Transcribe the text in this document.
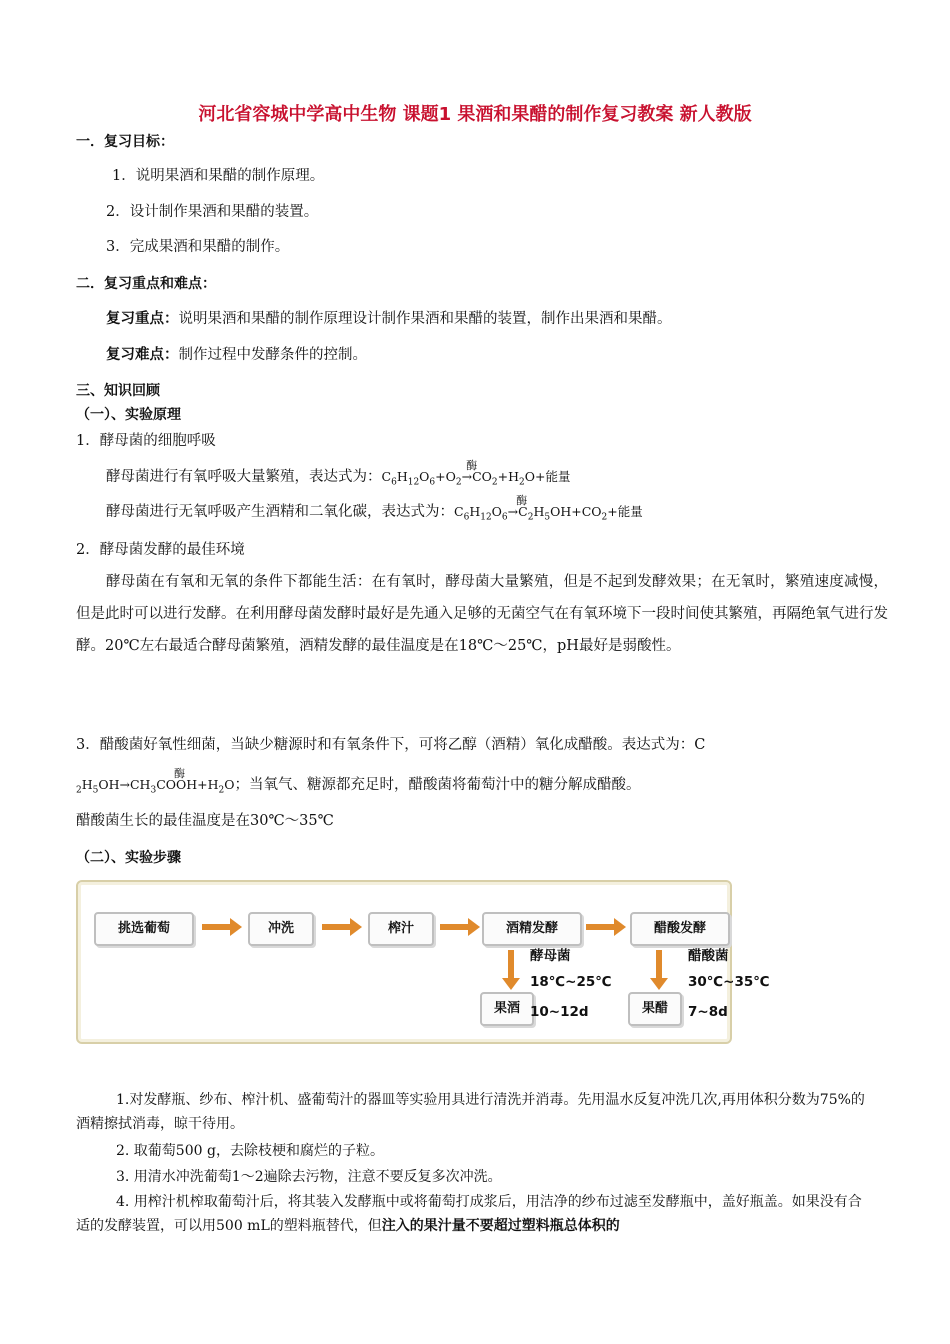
河北省容城中学高中生物 课题1 果酒和果醋的制作复习教案 新人教版
一．复习目标：
1．说明果酒和果醋的制作原理。
2．设计制作果酒和果醋的装置。
3．完成果酒和果醋的制作。
二．复习重点和难点：
复习重点：说明果酒和果醋的制作原理设计制作果酒和果醋的装置，制作出果酒和果醋。
复习难点：制作过程中发酵条件的控制。
三、知识回顾
（一）、实验原理
1．酵母菌的细胞呼吸
酵母菌进行有氧呼吸大量繁殖，表达式为：$C_6H_{12}O_6+O_2\to CO$
酶
$_2+H_2O+$能量
酵母菌进行无氧呼吸产生酒精和二氧化碳，表达式为：$C_6H_{12}O_6\to C$
酶
$_2H_5OH+CO_2+$能量
2．酵母菌发酵的最佳环境
酵母菌在有氧和无氧的条件下都能生活：在有氧时，酵母菌大量繁殖，但是不起到发酵效果；在无氧时，繁殖速度减慢，但是此时可以进行发酵。在利用酵母菌发酵时最好是先通入足够的无菌空气在有氧环境下一段时间使其繁殖，再隔绝氧气进行发酵。20℃左右最适合酵母菌繁殖，酒精发酵的最佳温度是在18℃～25℃，pH最好是弱酸性。
3．醋酸菌好氧性细菌，当缺少糖源时和有氧条件下，可将乙醇（酒精）氧化成醋酸。表达式为：C
$_2H_5OH\to CH_3COOH$
酶
$+H_2O$；当氧气、糖源都充足时，醋酸菌将葡萄汁中的糖分解成醋酸。
醋酸菌生长的最佳温度是在30℃～35℃
（二）、实验步骤
挑选葡萄	冲洗	榨汁	酒精发酵	醋酸发酵
果酒	果醋
酵母菌
18℃~25℃
10~12d
醋酸菌
30℃~35℃
7~8d
1.对发酵瓶、纱布、榨汁机、盛葡萄汁的器皿等实验用具进行清洗并消毒。先用温水反复冲洗几次,再用体积分数为75%的酒精擦拭消毒，晾干待用。
2. 取葡萄500 g，去除枝梗和腐烂的子粒。
3. 用清水冲洗葡萄1～2遍除去污物，注意不要反复多次冲洗。
4. 用榨汁机榨取葡萄汁后，将其装入发酵瓶中或将葡萄打成浆后，用洁净的纱布过滤至发酵瓶中，盖好瓶盖。如果没有合适的发酵装置，可以用500 mL的塑料瓶替代，但注入的果汁量不要超过塑料瓶总体积的
